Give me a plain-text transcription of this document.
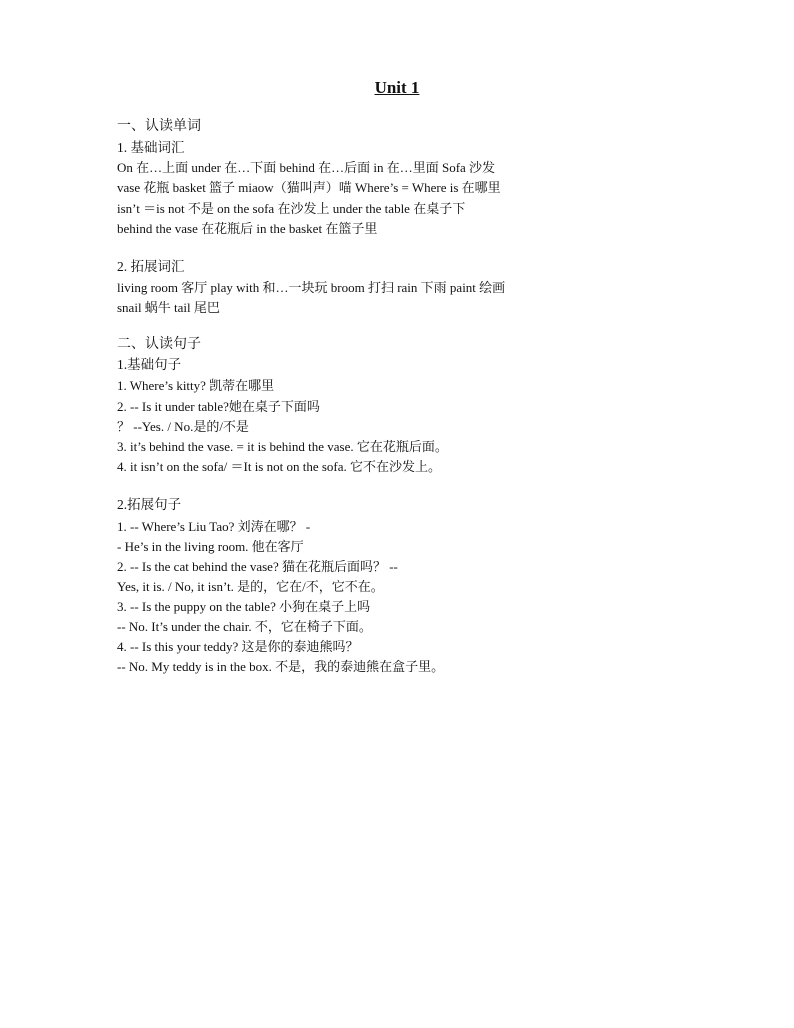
Unit 1
一、认读单词
1. 基础词汇
On 在…上面 under 在…下面 behind 在…后面 in 在…里面 Sofa 沙发
vase 花瓶 basket 篮子 miaow（猫叫声）喵 Where’s = Where is 在哪里
isn’t ＝is not 不是 on the sofa 在沙发上 under the table 在桌子下
behind the vase 在花瓶后 in the basket 在篮子里
2. 拓展词汇
living room 客厅 play with 和…一块玩 broom 打扫 rain 下雨 paint 绘画
snail 蜗牛 tail 尾巴
二、认读句子
1.基础句子
1. Where’s kitty? 凯蒂在哪里
2. -- Is it under table?她在桌子下面吗
？ --Yes. / No.是的/不是
3. it’s behind the vase. = it is behind the vase. 它在花瓶后面。
4. it isn’t on the sofa/ ＝It is not on the sofa. 它不在沙发上。
2.拓展句子
1. -- Where’s Liu Tao? 刘涛在哪？ -
- He’s in the living room. 他在客厅
2. -- Is the cat behind the vase? 猫在花瓶后面吗？ --
Yes, it is. / No, it isn’t. 是的，它在/不，它不在。
3. -- Is the puppy on the table? 小狗在桌子上吗
-- No. It’s under the chair. 不，它在椅子下面。
4. -- Is this your teddy? 这是你的泰迪熊吗？
-- No. My teddy is in the box. 不是，我的泰迪熊在盒子里。
